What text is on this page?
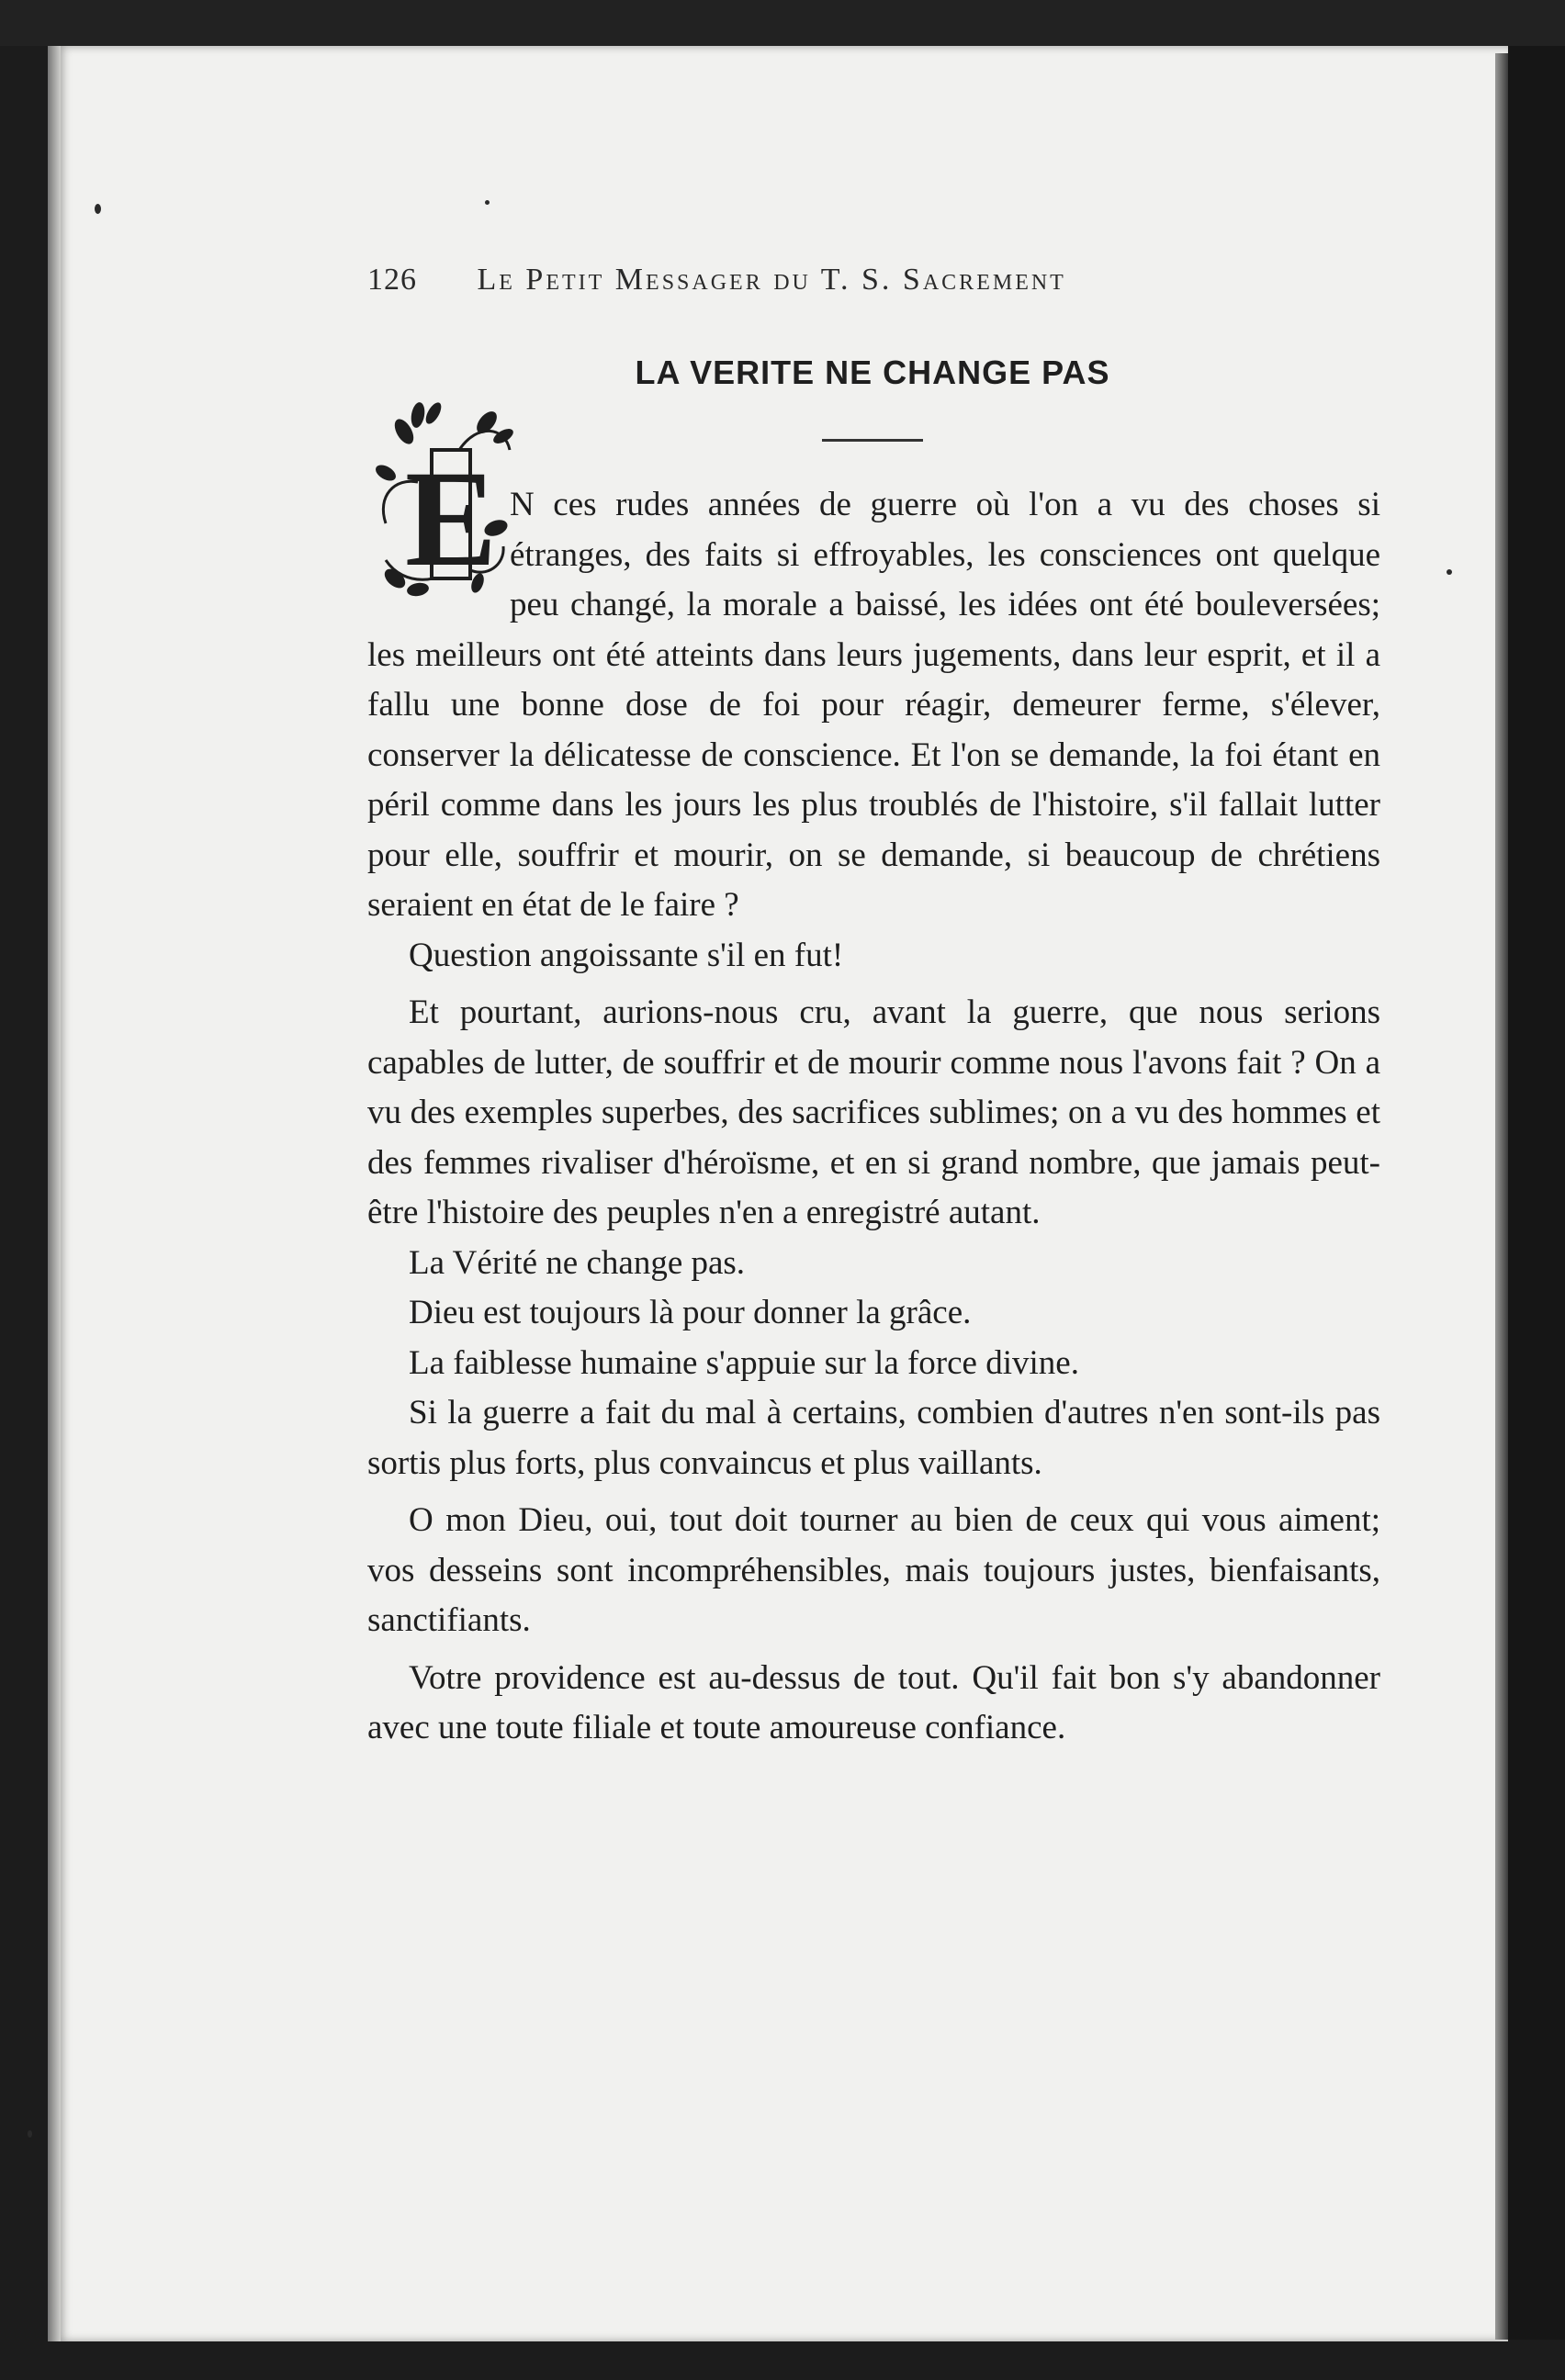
126 Le Petit Messager du T. S. Sacrement
LA VERITE NE CHANGE PAS
E N ces rudes années de guerre où l'on a vu des choses si étranges, des faits si effroyables, les consciences ont quelque peu changé, la morale a baissé, les idées ont été bouleversées; les meilleurs ont été atteints dans leurs jugements, dans leur esprit, et il a fallu une bonne dose de foi pour réagir, demeurer ferme, s'élever, conserver la délicatesse de conscience. Et l'on se demande, la foi étant en péril comme dans les jours les plus troublés de l'histoire, s'il fallait lutter pour elle, souffrir et mourir, on se demande, si beaucoup de chrétiens seraient en état de le faire ?

Question angoissante s'il en fut!

Et pourtant, aurions-nous cru, avant la guerre, que nous serions capables de lutter, de souffrir et de mourir comme nous l'avons fait ? On a vu des exemples superbes, des sacrifices sublimes; on a vu des hommes et des femmes rivaliser d'héroïsme, et en si grand nombre, que jamais peut-être l'histoire des peuples n'en a enregistré autant.

La Vérité ne change pas.

Dieu est toujours là pour donner la grâce.

La faiblesse humaine s'appuie sur la force divine.

Si la guerre a fait du mal à certains, combien d'autres n'en sont-ils pas sortis plus forts, plus convaincus et plus vaillants.

O mon Dieu, oui, tout doit tourner au bien de ceux qui vous aiment; vos desseins sont incompréhensibles, mais toujours justes, bienfaisants, sanctifiants.

Votre providence est au-dessus de tout. Qu'il fait bon s'y abandonner avec une toute filiale et toute amoureuse confiance.
